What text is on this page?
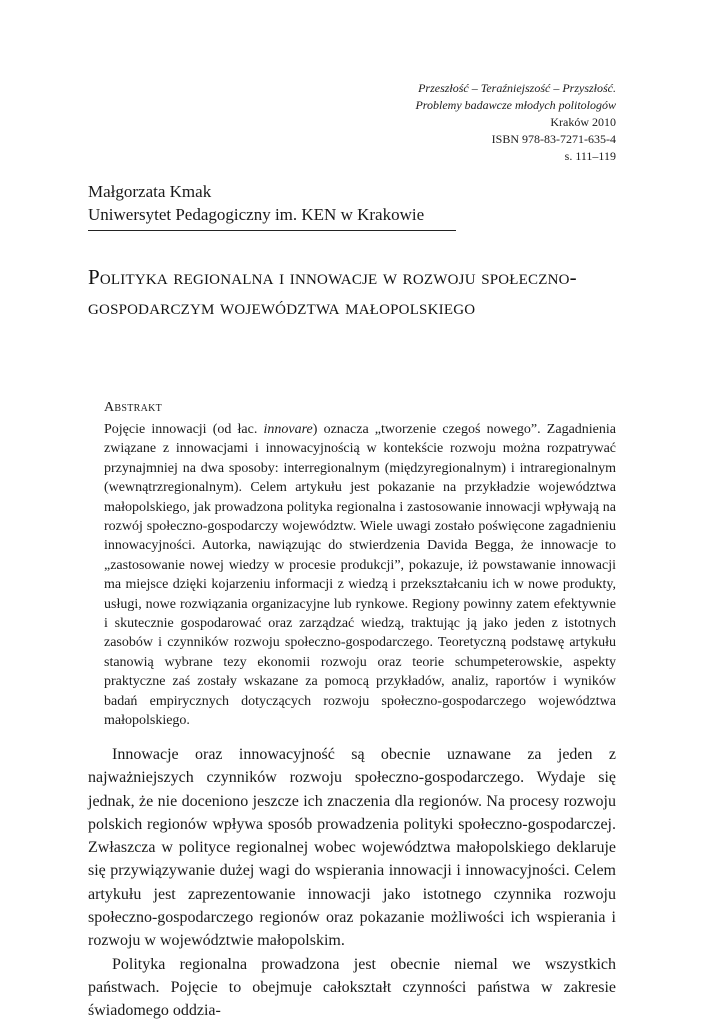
Przeszłość – Teraźniejszość – Przyszłość.
Problemy badawcze młodych politologów
Kraków 2010
ISBN 978-83-7271-635-4
s. 111–119
Małgorzata Kmak
Uniwersytet Pedagogiczny im. KEN w Krakowie
Polityka regionalna i innowacje w rozwoju społeczno-gospodarczym województwa małopolskiego
Abstrakt
Pojęcie innowacji (od łac. innovare) oznacza „tworzenie czegoś nowego”. Zagadnienia związane z innowacjami i innowacyjnością w kontekście rozwoju można rozpatrywać przynajmniej na dwa sposoby: interregionalnym (międzyregionalnym) i intraregionalnym (wewnątrzregionalnym). Celem artykułu jest pokazanie na przykładzie województwa małopolskiego, jak prowadzona polityka regionalna i zastosowanie innowacji wpływają na rozwój społeczno-gospodarczy województw. Wiele uwagi zostało poświęcone zagadnieniu innowacyjności. Autorka, nawiązując do stwierdzenia Davida Begga, że innowacje to „zastosowanie nowej wiedzy w procesie produkcji”, pokazuje, iż powstawanie innowacji ma miejsce dzięki kojarzeniu informacji z wiedzą i przekształcaniu ich w nowe produkty, usługi, nowe rozwiązania organizacyjne lub rynkowe. Regiony powinny zatem efektywnie i skutecznie gospodarować oraz zarządzać wiedzą, traktując ją jako jeden z istotnych zasobów i czynników rozwoju społeczno-gospodarczego. Teoretyczną podstawę artykułu stanowią wybrane tezy ekonomii rozwoju oraz teorie schumpeterowskie, aspekty praktyczne zaś zostały wskazane za pomocą przykładów, analiz, raportów i wyników badań empirycznych dotyczących rozwoju społeczno-gospodarczego województwa małopolskiego.

Innowacje oraz innowacyjność są obecnie uznawane za jeden z najważniejszych czynników rozwoju społeczno-gospodarczego. Wydaje się jednak, że nie doceniono jeszcze ich znaczenia dla regionów. Na procesy rozwoju polskich regionów wpływa sposób prowadzenia polityki społeczno-gospodarczej. Zwłaszcza w polityce regionalnej wobec województwa małopolskiego deklaruje się przywiązywanie dużej wagi do wspierania innowacji i innowacyjności. Celem artykułu jest zaprezentowanie innowacji jako istotnego czynnika rozwoju społeczno-gospodarczego regionów oraz pokazanie możliwości ich wspierania i rozwoju w województwie małopolskim.

Polityka regionalna prowadzona jest obecnie niemal we wszystkich państwach. Pojęcie to obejmuje całokształt czynności państwa w zakresie świadomego oddzia-
